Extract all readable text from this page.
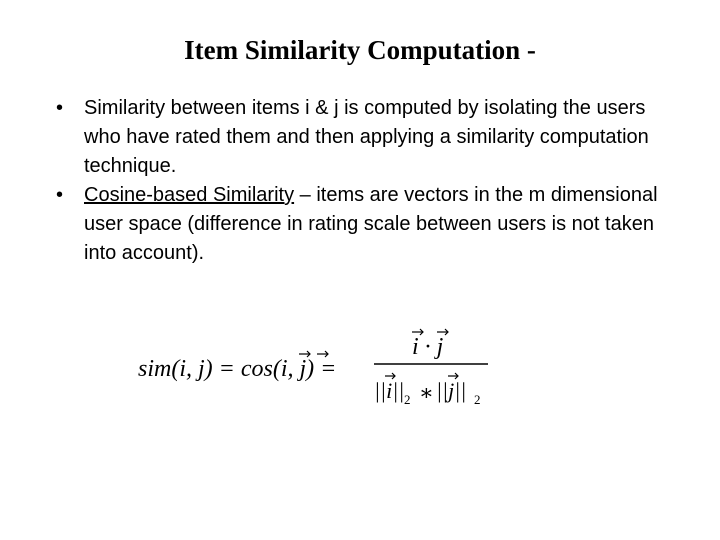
Item Similarity Computation -
• Similarity between items i & j is computed by isolating the users who have rated them and then applying a similarity computation technique.
• Cosine-based Similarity – items are vectors in the m dimensional user space (difference in rating scale between users is not taken into account).
sim(i, j) = cos(i, j) =
i · j
||i|| 2 ∗ ||j|| 2
